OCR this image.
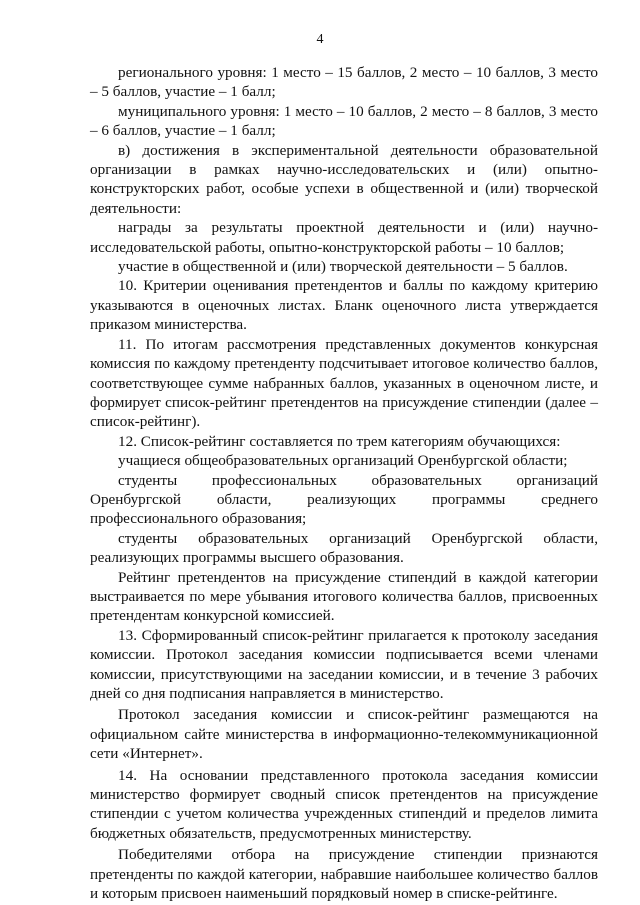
4

регионального уровня: 1 место – 15 баллов, 2 место – 10 баллов, 3 место – 5 баллов, участие – 1 балл;

муниципального уровня: 1 место – 10 баллов, 2 место – 8 баллов, 3 место – 6 баллов, участие – 1 балл;

в) достижения в экспериментальной деятельности образовательной организации в рамках научно-исследовательских и (или) опытно-конструкторских работ, особые успехи в общественной и (или) творческой деятельности:

награды за результаты проектной деятельности и (или) научно-исследовательской работы, опытно-конструкторской работы – 10 баллов;

участие в общественной и (или) творческой деятельности – 5 баллов.

10. Критерии оценивания претендентов и баллы по каждому критерию указываются в оценочных листах. Бланк оценочного листа утверждается приказом министерства.

11. По итогам рассмотрения представленных документов конкурсная комиссия по каждому претенденту подсчитывает итоговое количество баллов, соответствующее сумме набранных баллов, указанных в оценочном листе, и формирует список-рейтинг претендентов на присуждение стипендии (далее – список-рейтинг).

12. Список-рейтинг составляется по трем категориям обучающихся:

учащиеся общеобразовательных организаций Оренбургской области;

студенты профессиональных образовательных организаций Оренбургской области, реализующих программы среднего профессионального образования;

студенты образовательных организаций Оренбургской области, реализующих программы высшего образования.

Рейтинг претендентов на присуждение стипендий в каждой категории выстраивается по мере убывания итогового количества баллов, присвоенных претендентам конкурсной комиссией.

13. Сформированный список-рейтинг прилагается к протоколу заседания комиссии. Протокол заседания комиссии подписывается всеми членами комиссии, присутствующими на заседании комиссии, и в течение 3 рабочих дней со дня подписания направляется в министерство.

Протокол заседания комиссии и список-рейтинг размещаются на официальном сайте министерства в информационно-телекоммуникационной сети «Интернет».

14. На основании представленного протокола заседания комиссии министерство формирует сводный список претендентов на присуждение стипендии с учетом количества учрежденных стипендий и пределов лимита бюджетных обязательств, предусмотренных министерству.

Победителями отбора на присуждение стипендии признаются претенденты по каждой категории, набравшие наибольшее количество баллов и которым присвоен наименьший порядковый номер в списке-рейтинге.
